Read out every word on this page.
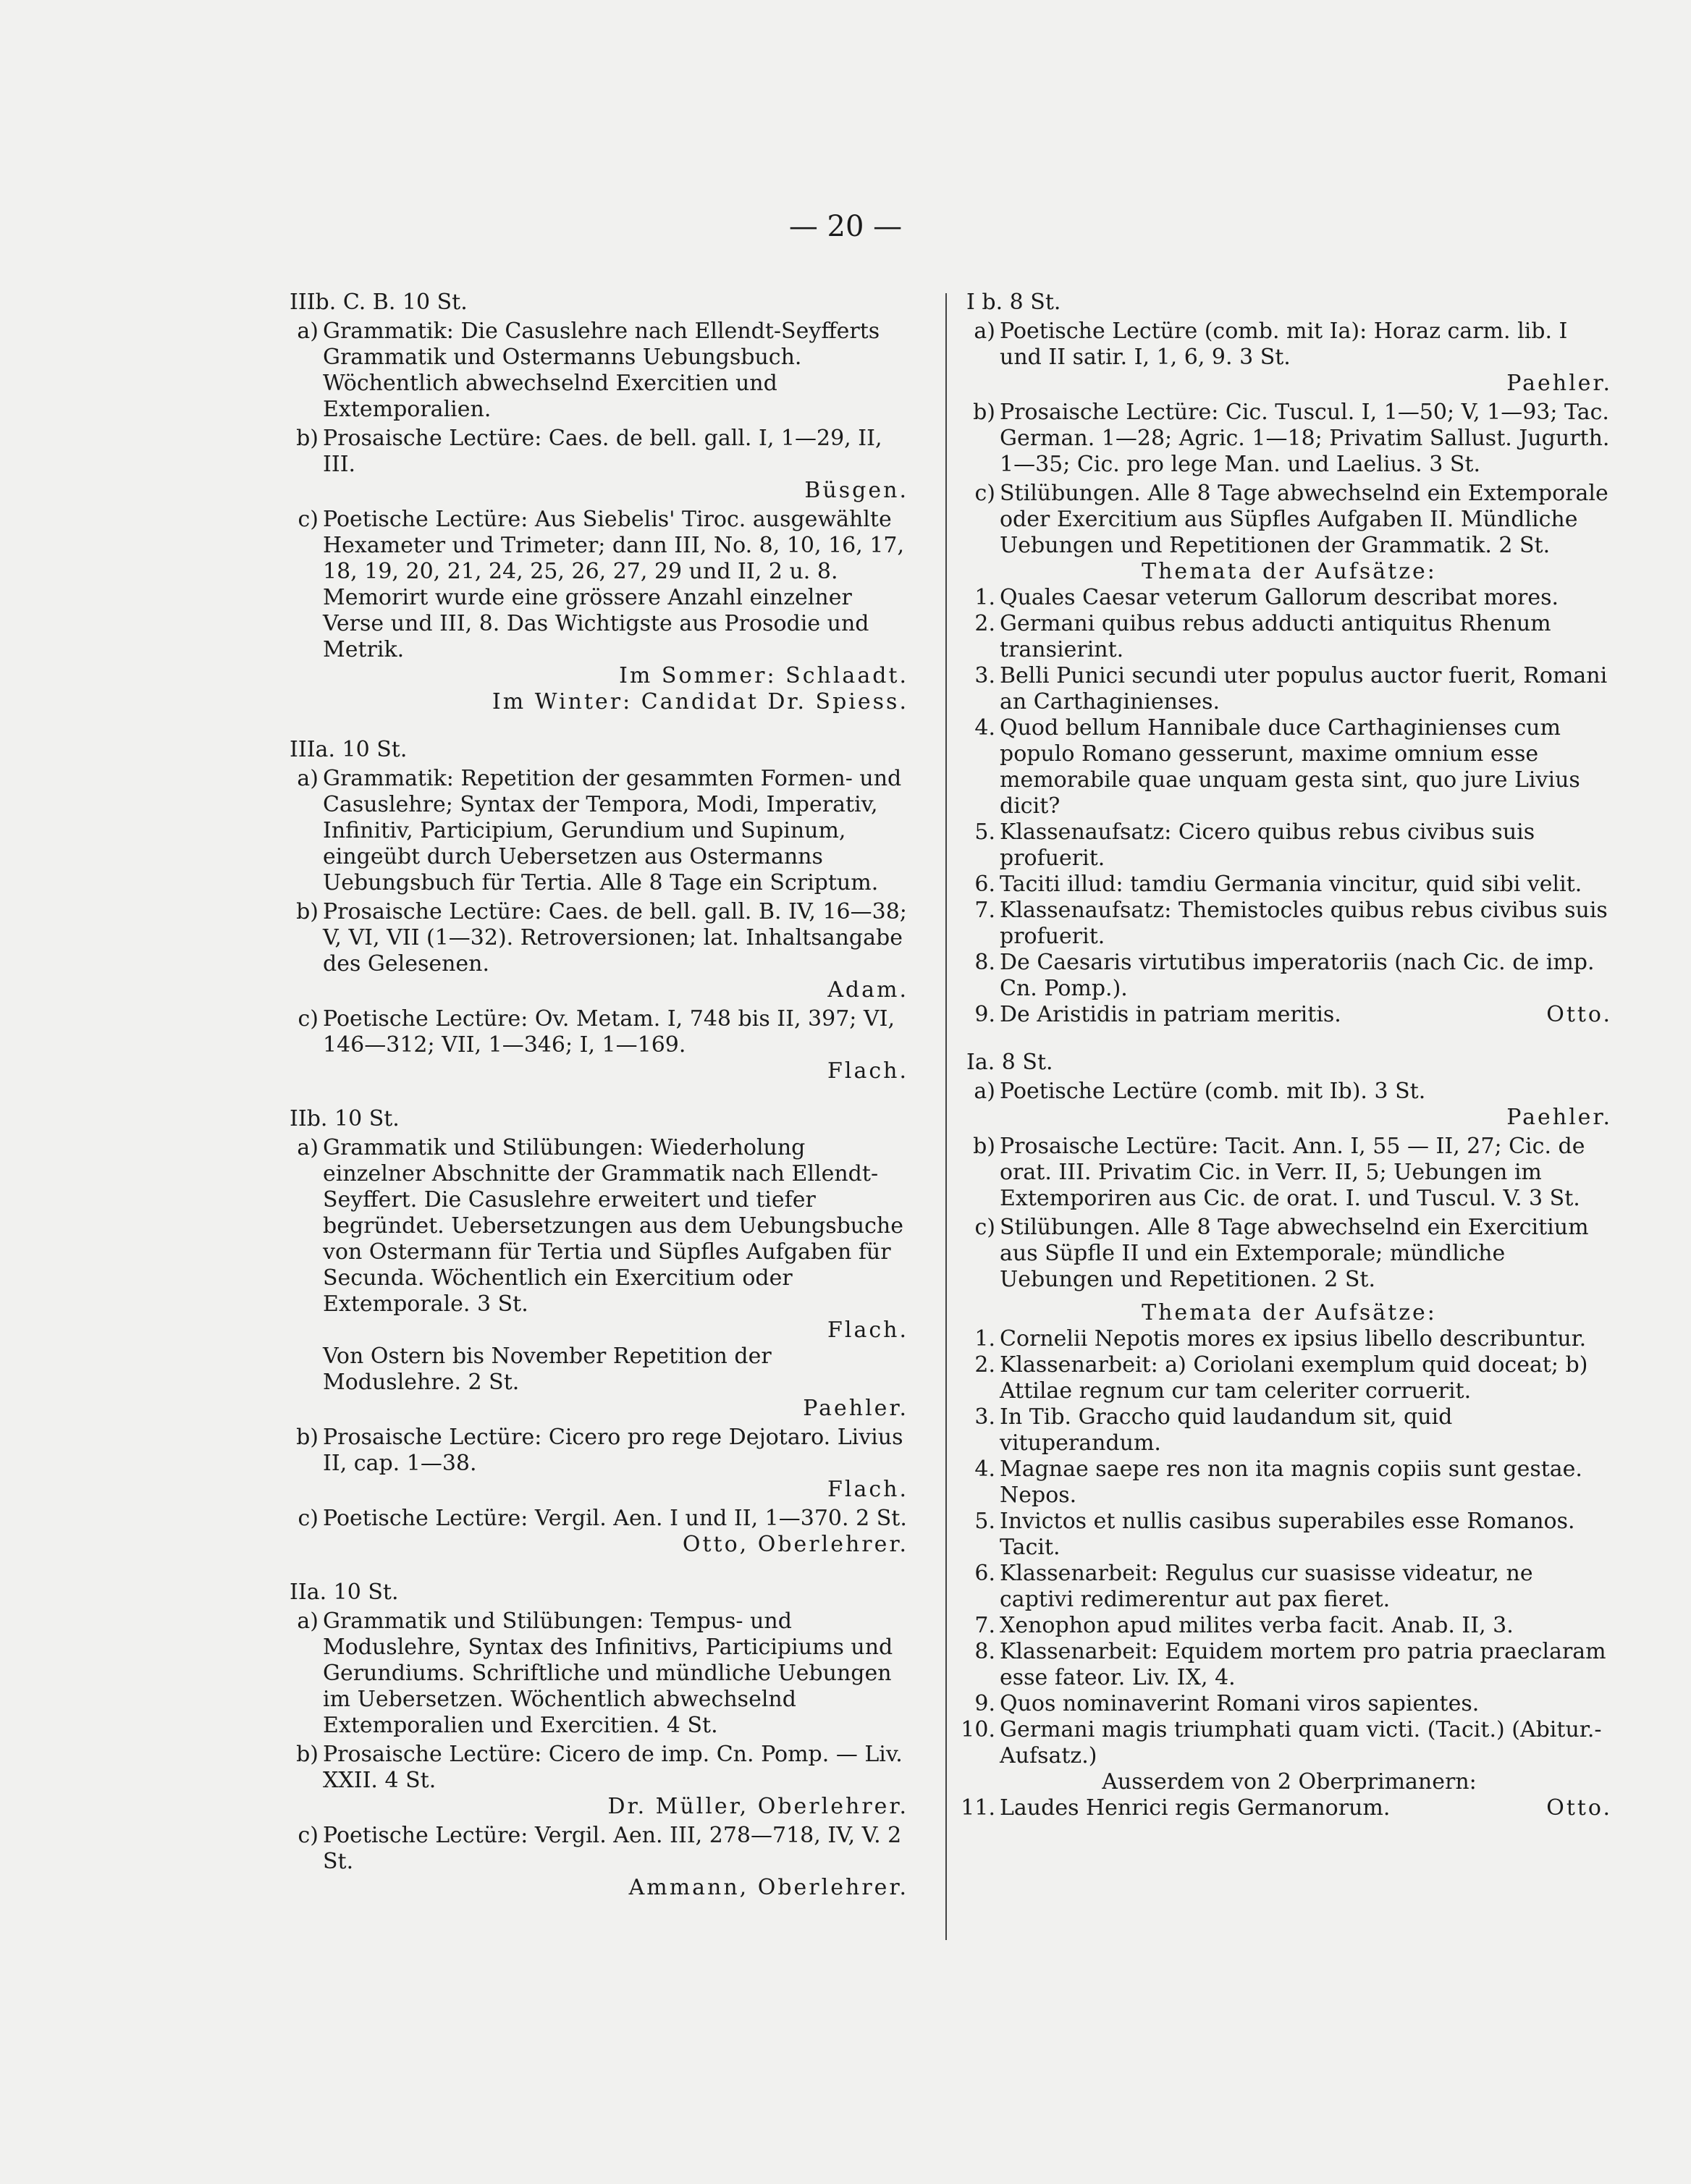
— 20 —
IIIb. C. B. 10 St.
a) Grammatik: Die Casuslehre nach Ellendt-Seyfferts Grammatik und Ostermanns Uebungsbuch. Wöchentlich abwechselnd Exercitien und Extemporalien.
b) Prosaische Lectüre: Caes. de bell. gall. I, 1—29, II, III.
Büsgen.
c) Poetische Lectüre: Aus Siebelis' Tiroc. ausgewählte Hexameter und Trimeter; dann III, No. 8, 10, 16, 17, 18, 19, 20, 21, 24, 25, 26, 27, 29 und II, 2 u. 8. Memorirt wurde eine grössere Anzahl einzelner Verse und III, 8. Das Wichtigste aus Prosodie und Metrik.
Im Sommer: Schlaadt.
Im Winter: Candidat Dr. Spiess.
IIIa. 10 St.
a) Grammatik: Repetition der gesammten Formen- und Casuslehre; Syntax der Tempora, Modi, Imperativ, Infinitiv, Participium, Gerundium und Supinum, eingeübt durch Uebersetzen aus Ostermanns Uebungsbuch für Tertia. Alle 8 Tage ein Scriptum.
b) Prosaische Lectüre: Caes. de bell. gall. B. IV, 16—38; V, VI, VII (1—32). Retroversionen; lat. Inhaltsangabe des Gelesenen.
Adam.
c) Poetische Lectüre: Ov. Metam. I, 748 bis II, 397; VI, 146—312; VII, 1—346; I, 1—169.
Flach.
IIb. 10 St.
a) Grammatik und Stilübungen: Wiederholung einzelner Abschnitte der Grammatik nach Ellendt-Seyffert. Die Casuslehre erweitert und tiefer begründet. Uebersetzungen aus dem Uebungsbuche von Ostermann für Tertia und Süpfles Aufgaben für Secunda. Wöchentlich ein Exercitium oder Extemporale. 3 St.
Flach.
Von Ostern bis November Repetition der Moduslehre. 2 St.
Paehler.
b) Prosaische Lectüre: Cicero pro rege Dejotaro. Livius II, cap. 1—38.
Flach.
c) Poetische Lectüre: Vergil. Aen. I und II, 1—370. 2 St.
Otto, Oberlehrer.
IIa. 10 St.
a) Grammatik und Stilübungen: Tempus- und Moduslehre, Syntax des Infinitivs, Participiums und Gerundiums. Schriftliche und mündliche Uebungen im Uebersetzen. Wöchentlich abwechselnd Extemporalien und Exercitien. 4 St.
b) Prosaische Lectüre: Cicero de imp. Cn. Pomp. — Liv. XXII. 4 St.
Dr. Müller, Oberlehrer.
c) Poetische Lectüre: Vergil. Aen. III, 278—718, IV, V. 2 St.
Ammann, Oberlehrer.
I b. 8 St.
a) Poetische Lectüre (comb. mit Ia): Horaz carm. lib. I und II satir. I, 1, 6, 9. 3 St.
Paehler.
b) Prosaische Lectüre: Cic. Tuscul. I, 1—50; V, 1—93; Tac. German. 1—28; Agric. 1—18; Privatim Sallust. Jugurth. 1—35; Cic. pro lege Man. und Laelius. 3 St.
c) Stilübungen. Alle 8 Tage abwechselnd ein Extemporale oder Exercitium aus Süpfles Aufgaben II. Mündliche Uebungen und Repetitionen der Grammatik. 2 St.
Themata der Aufsätze:
1. Quales Caesar veterum Gallorum describat mores.
2. Germani quibus rebus adducti antiquitus Rhenum transierint.
3. Belli Punici secundi uter populus auctor fuerit, Romani an Carthaginienses.
4. Quod bellum Hannibale duce Carthaginienses cum populo Romano gesserunt, maxime omnium esse memorabile quae unquam gesta sint, quo jure Livius dicit?
5. Klassenaufsatz: Cicero quibus rebus civibus suis profuerit.
6. Taciti illud: tamdiu Germania vincitur, quid sibi velit.
7. Klassenaufsatz: Themistocles quibus rebus civibus suis profuerit.
8. De Caesaris virtutibus imperatoriis (nach Cic. de imp. Cn. Pomp.).
9. De Aristidis in patriam meritis.	Otto.
Ia. 8 St.
a) Poetische Lectüre (comb. mit Ib). 3 St.
Paehler.
b) Prosaische Lectüre: Tacit. Ann. I, 55 — II, 27; Cic. de orat. III. Privatim Cic. in Verr. II, 5; Uebungen im Extemporiren aus Cic. de orat. I. und Tuscul. V. 3 St.
c) Stilübungen. Alle 8 Tage abwechselnd ein Exercitium aus Süpfle II und ein Extemporale; mündliche Uebungen und Repetitionen. 2 St.
Themata der Aufsätze:
1. Cornelii Nepotis mores ex ipsius libello describuntur.
2. Klassenarbeit: a) Coriolani exemplum quid doceat; b) Attilae regnum cur tam celeriter corruerit.
3. In Tib. Gracchо quid laudandum sit, quid vituperandum.
4. Magnae saepe res non ita magnis copiis sunt gestae. Nepos.
5. Invictos et nullis casibus superabiles esse Romanos. Tacit.
6. Klassenarbeit: Regulus cur suasisse videatur, ne captivi redimerentur aut pax fieret.
7. Xenophon apud milites verba facit. Anab. II, 3.
8. Klassenarbeit: Equidem mortem pro patria praeclaram esse fateor. Liv. IX, 4.
9. Quos nominaverint Romani viros sapientes.
10. Germani magis triumphati quam victi. (Tacit.) (Abitur.-Aufsatz.)
Ausserdem von 2 Oberprimanern:
11. Laudes Henrici regis Germanorum.	Otto.
